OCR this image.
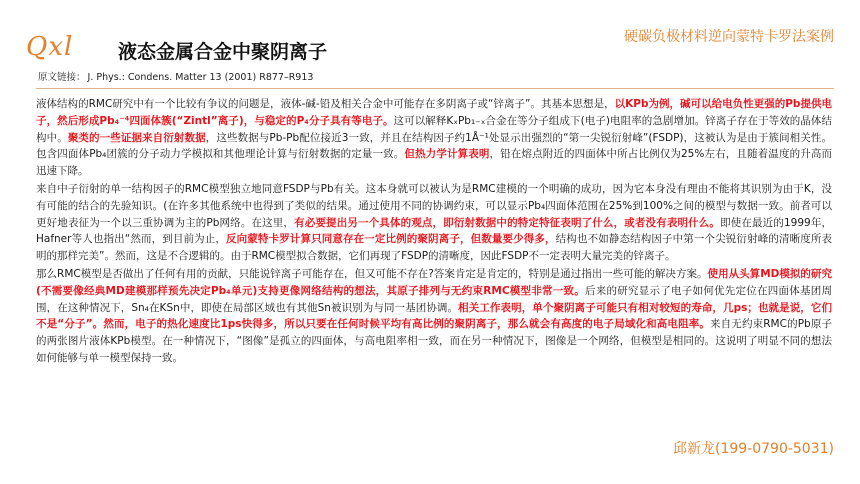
Qxl 液态金属合金中聚阴离子
硬碳负极材料逆向蒙特卡罗法案例
原文链接： J. Phys.: Condens. Matter 13 (2001) R877–R913

液体结构的RMC研究中有一个比较有争议的问题是，液体-碱-铅及相关合金中可能存在多阴离子或“锌离子”。其基本思想是，以KPb为例，碱可以给电负性更强的Pb提供电子，然后形成Pb₄⁻⁴四面体簇(“Zintl”离子)，与稳定的P₄分子具有等电子。这可以解释KₓPb₁₋ₓ合金在等分子组成下(电子)电阻率的急剧增加。锌离子存在于等效的晶体结构中。聚类的一些证据来自衍射数据，这些数据与Pb-Pb配位接近3一致，并且在结构因子约1Å⁻¹处显示出强烈的“第一尖锐衍射峰”(FSDP)，这被认为是由于簇间相关性。包含四面体Pb₄团簇的分子动力学模拟和其他理论计算与衍射数据的定量一致。但热力学计算表明，铅在熔点附近的四面体中所占比例仅为25%左右，且随着温度的升高而迅速下降。

来自中子衍射的单一结构因子的RMC模型独立地同意FSDP与Pb有关。这本身就可以被认为是RMC建模的一个明确的成功，因为它本身没有理由不能将其识别为由于K，没有可能的结合的先验知识。(在许多其他系统中也得到了类似的结果。通过使用不同的协调约束，可以显示Pb₄四面体范围在25%到100%之间的模型与数据一致。前者可以更好地表征为一个以三重协调为主的Pb网络。在这里，有必要提出另一个具体的观点，即衍射数据中的特定特征表明了什么，或者没有表明什么。即使在最近的1999年，Hafner等人也指出“然而，到目前为止，反向蒙特卡罗计算只同意存在一定比例的聚阴离子，但数量要少得多，结构也不如静态结构因子中第一个尖锐衍射峰的清晰度所表明的那样完美”。然而，这是不合逻辑的。由于RMC模型拟合数据，它们再现了FSDP的清晰度，因此FSDP不一定表明大量完美的锌离子。

那么RMC模型是否做出了任何有用的贡献，只能说锌离子可能存在，但又可能不存在?答案肯定是肯定的，特别是通过指出一些可能的解决方案。使用从头算MD模拟的研究(不需要像经典MD建模那样预先决定Pb₄单元)支持更像网络结构的想法，其原子排列与无约束RMC模型非常一致。后来的研究显示了电子如何优先定位在四面体基团周围，在这种情况下，Sn₄在KSn中，即使在局部区域也有其他Sn被识别为与同一基团协调。相关工作表明，单个聚阴离子可能只有相对较短的寿命，几ps；也就是说，它们不是“分子”。然而，电子的热化速度比1ps快得多，所以只要在任何时候平均有高比例的聚阴离子，那么就会有高度的电子局域化和高电阻率。来自无约束RMC的Pb原子的两张图片液体KPb模型。在一种情况下，“图像”是孤立的四面体，与高电阻率相一致，而在另一种情况下，图像是一个网络，但模型是相同的。这说明了明显不同的想法如何能够与单一模型保持一致。

邱新龙(199-0790-5031)
